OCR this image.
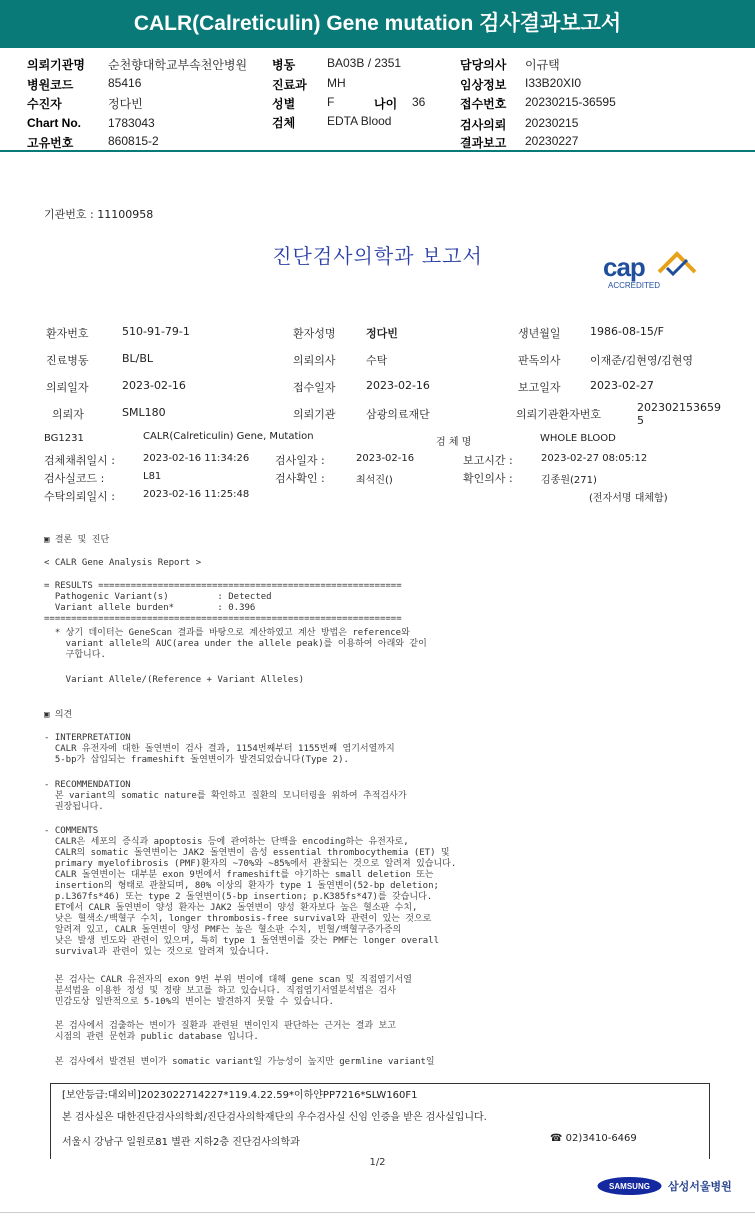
CALR(Calreticulin) Gene mutation 검사결과보고서
의뢰기관명 순천향대학교부속천안병원 병동	BA03B / 2351	담당의사 이규택
병원코드	85416	진료과 MH	임상정보 I33B20XI0
수진자	정다빈	성별	F	나이 36	접수번호 20230215-36595
Chart No. 1783043	검체	EDTA Blood	검사의뢰 20230215
고유번호	860815-2	결과보고 20230227
기관번호 : 11100958
진단검사의학과 보고서	cap
ACCREDITED
환자번호	510-91-79-1	환자성명	정다빈	생년월일	1986-08-15/F
진료병동	BL/BL	의뢰의사	수탁	판독의사	이재준/김현영/김현영
의뢰일자	2023-02-16	접수일자	2023-02-16	보고일자	2023-02-27
의뢰자	SML180	의뢰기관	삼광의료재단	의뢰기관환자번호
202302153659
5
BG1231	CALR(Calreticulin) Gene, Mutation
검 체 명	WHOLE BLOOD
검체채취일시 :	2023-02-16 11:34:26 검사일자 :	2023-02-16	보고시간 :	2023-02-27 08:05:12
검사실코드 :	L81	검사확인 :	최석진()	확인의사 :	김종원(271)
수탁의뢰일시 :	2023-02-16 11:25:48	(전자서명 대체함)
▣ 결론 및 진단
< CALR Gene Analysis Report >
= RESULTS ========================================================
Pathogenic Variant(s)         : Detected
Variant allele burden*        : 0.396
==================================================================
* 상기 데이터는 GeneScan 결과를 바탕으로 계산하였고 계산 방법은 reference와
variant allele의 AUC(area under the allele peak)를 이용하여 아래와 같이
구합니다.
Variant Allele/(Reference + Variant Alleles)
▣ 의견
- INTERPRETATION
CALR 유전자에 대한 돌연변이 검사 결과, 1154번째부터 1155번째 염기서열까지
5-bp가 삽입되는 frameshift 돌연변이가 발견되었습니다(Type 2).
- RECOMMENDATION
본 variant의 somatic nature를 확인하고 질환의 모니터링을 위하여 추적검사가
권장됩니다.
- COMMENTS
CALR은 세포의 증식과 apoptosis 등에 관여하는 단백을 encoding하는 유전자로,
CALR의 somatic 돌연변이는 JAK2 돌연변이 음성 essential thrombocythemia (ET) 및
primary myelofibrosis (PMF)환자의 ~70%와 ~85%에서 관찰되는 것으로 알려져 있습니다.
CALR 돌연변이는 대부분 exon 9번에서 frameshift를 야기하는 small deletion 또는
insertion의 형태로 관찰되며, 80% 이상의 환자가 type 1 돌연변이(52-bp deletion;
p.L367fs*46) 또는 type 2 돌연변이(5-bp insertion; p.K385fs*47)를 갖습니다.
ET에서 CALR 돌연변이 양성 환자는 JAK2 돌연변이 양성 환자보다 높은 혈소판 수치,
낮은 혈색소/백혈구 수치, longer thrombosis-free survival와 관련이 있는 것으로
알려져 있고, CALR 돌연변이 양성 PMF는 높은 혈소판 수치, 빈혈/백혈구증가증의
낮은 발생 빈도와 관련이 있으며, 특히 type 1 돌연변이를 갖는 PMF는 longer overall
survival과 관련이 있는 것으로 알려져 있습니다.
본 검사는 CALR 유전자의 exon 9번 부위 변이에 대해 gene scan 및 직접염기서열
분석법을 이용한 정성 및 정량 보고를 하고 있습니다. 직접염기서열분석법은 검사
민감도상 일반적으로 5-10%의 변이는 발견하지 못할 수 있습니다.
본 검사에서 검출하는 변이가 질환과 관련된 변이인지 판단하는 근거는 결과 보고
시점의 관련 문헌과 public database 입니다.
본 검사에서 발견된 변이가 somatic variant일 가능성이 높지만 germline variant일
[보안등급:대외비]2023022714227*119.4.22.59*이하얀PP7216*SLW160F1
본 검사실은 대한진단검사의학회/진단검사의학재단의 우수검사실 신임 인증을 받은 검사실입니다.
서울시 강남구 일원로81 별관 지하2층 진단검사의학과	☎ 02)3410-6469
1/2
SAMSUNG 삼성서울병원
